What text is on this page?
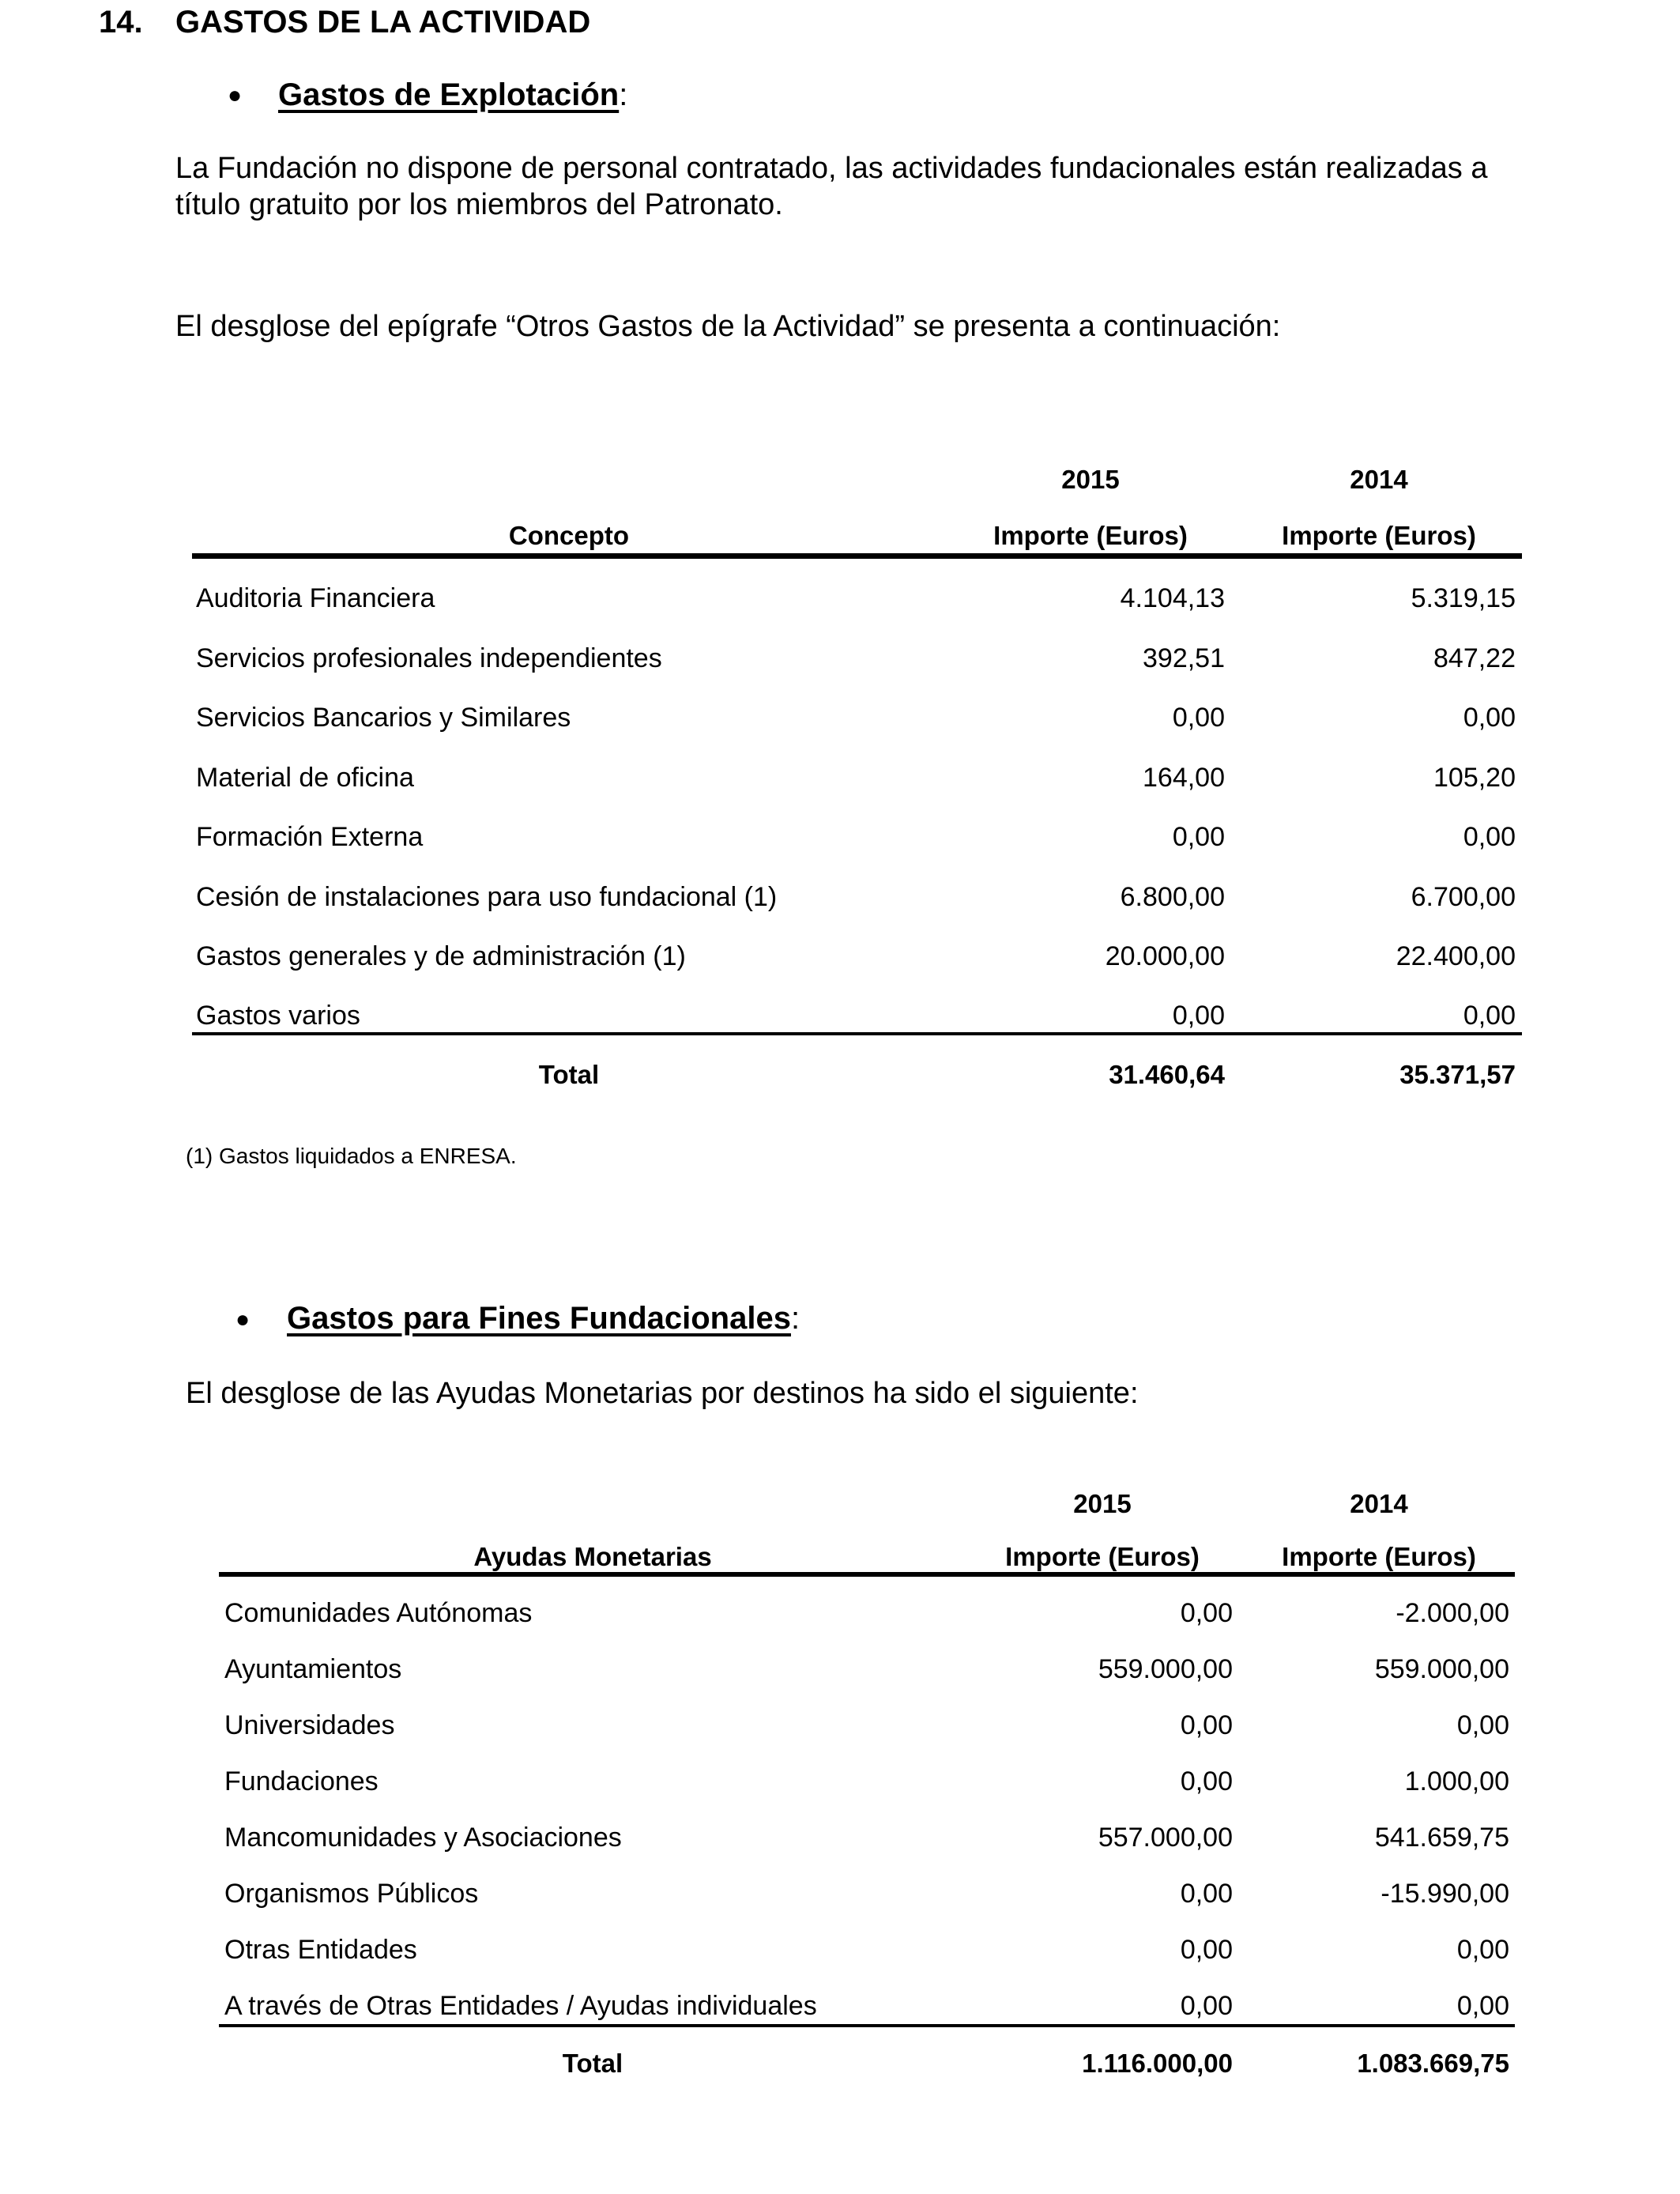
14. GASTOS DE LA ACTIVIDAD
● Gastos de Explotación:
La Fundación no dispone de personal contratado, las actividades fundacionales están realizadas a
título gratuito por los miembros del Patronato.
El desglose del epígrafe “Otros Gastos de la Actividad” se presenta a continuación:
2015	2014
Concepto	Importe (Euros)	Importe (Euros)
Auditoria Financiera	4.104,13	5.319,15
Servicios profesionales independientes	392,51	847,22
Servicios Bancarios y Similares	0,00	0,00
Material de oficina	164,00	105,20
Formación Externa	0,00	0,00
Cesión de instalaciones para uso fundacional (1)	6.800,00	6.700,00
Gastos generales y de administración (1)	20.000,00	22.400,00
Gastos varios	0,00	0,00
Total	31.460,64	35.371,57
(1) Gastos liquidados a ENRESA.
● Gastos para Fines Fundacionales:
El desglose de las Ayudas Monetarias por destinos ha sido el siguiente:
2015	2014
Ayudas Monetarias	Importe (Euros)	Importe (Euros)
Comunidades Autónomas	0,00	-2.000,00
Ayuntamientos	559.000,00	559.000,00
Universidades	0,00	0,00
Fundaciones	0,00	1.000,00
Mancomunidades y Asociaciones	557.000,00	541.659,75
Organismos Públicos	0,00	-15.990,00
Otras Entidades	0,00	0,00
A través de Otras Entidades / Ayudas individuales	0,00	0,00
Total	1.116.000,00	1.083.669,75
